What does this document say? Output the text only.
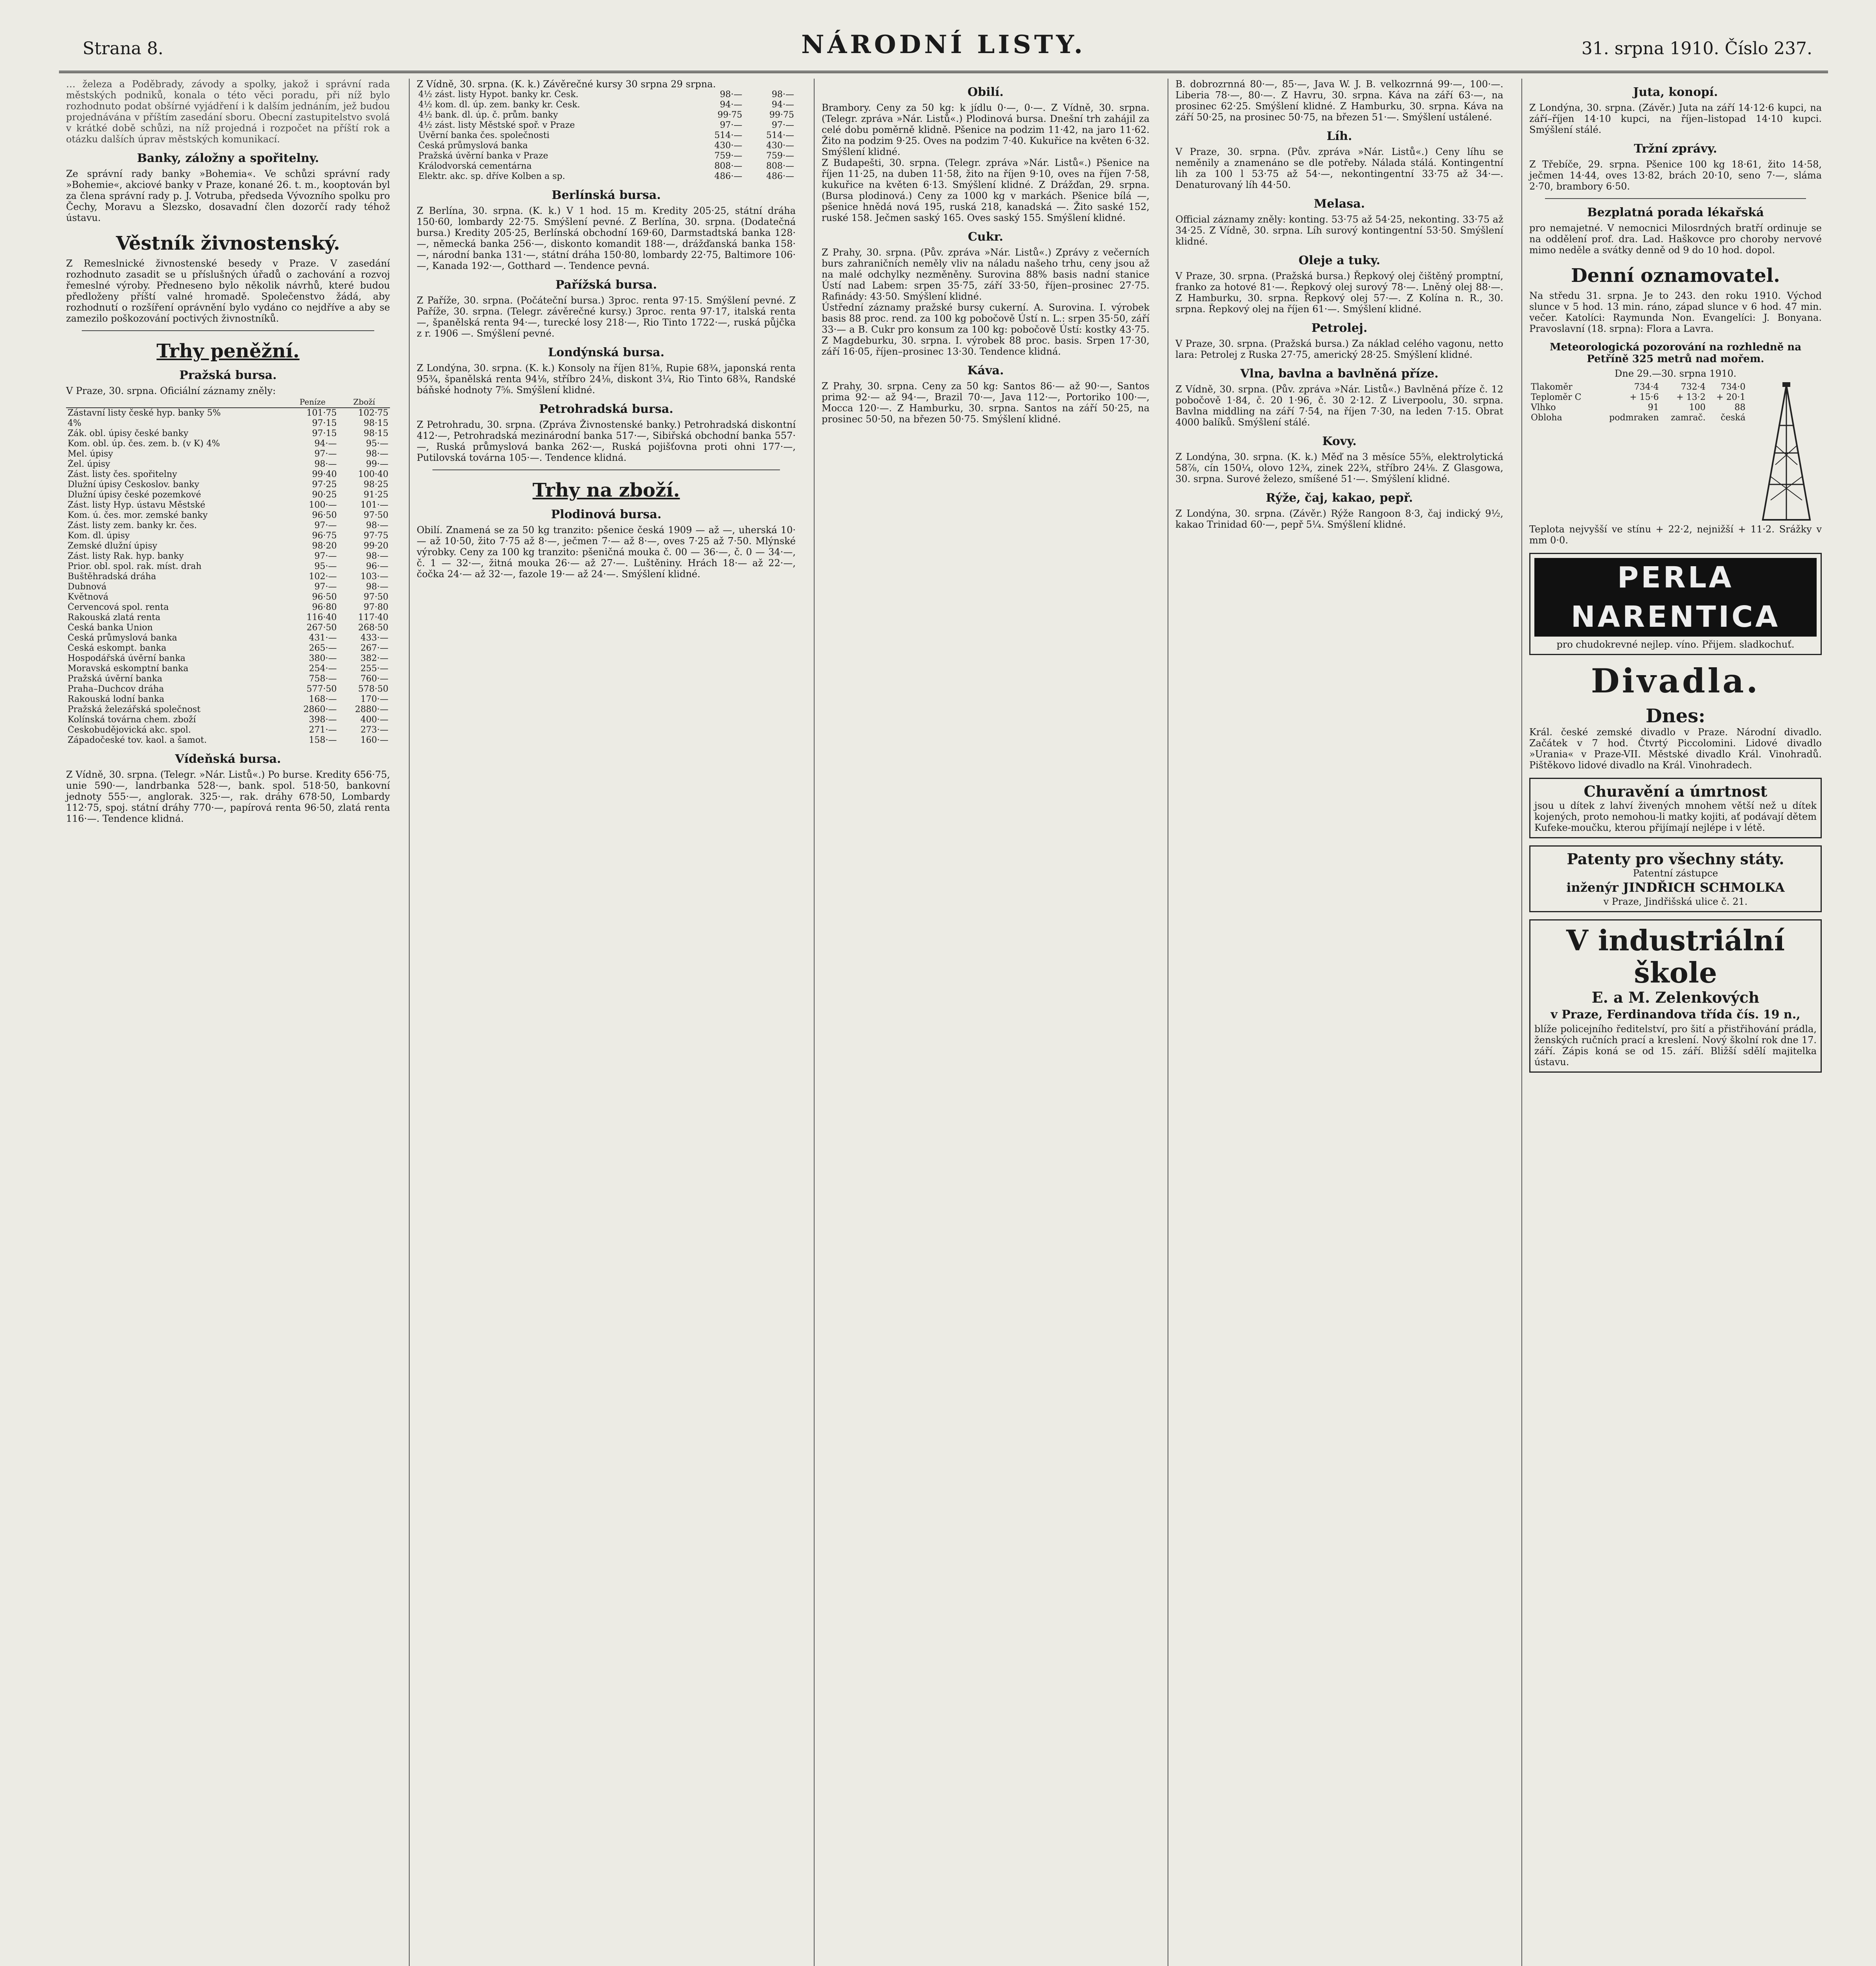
Strana 8.	NÁRODNÍ LISTY.	31. srpna 1910. Číslo 237.

… železa a Poděbrady, závody a spolky, jakož i správní rada městských podniků, konala o této věci poradu, při níž bylo rozhodnuto podat obšírné vyjádření i k dalším jednáním, jež budou projednávána v příštím zasedání sboru. Obecní zastupitelstvo svolá v krátké době schůzi, na níž projedná i rozpočet na příští rok a otázku dalších úprav městských komunikací.

Banky, záložny a spořitelny.

Ze správní rady banky »Bohemia«. Ve schůzi správní rady »Bohemie«, akciové banky v Praze, konané 26. t. m., kooptován byl za člena správní rady p. J. Votruba, předseda Vývozního spolku pro Čechy, Moravu a Slezsko, dosavadní člen dozorčí rady téhož ústavu.

Věstník živnostenský.

Z Remeslnické živnostenské besedy v Praze. V zasedání rozhodnuto zasadit se u příslušných úřadů o zachování a rozvoj řemeslné výroby. Předneseno bylo několik návrhů, které budou předloženy příští valné hromadě. Společenstvo žádá, aby rozhodnutí o rozšíření oprávnění bylo vydáno co nejdříve a aby se zamezilo poškozování poctivých živnostníků.

Trhy peněžní.
Pražská bursa.

V Praze, 30. srpna. Oficiální záznamy zněly:

	Peníze	Zboží
Zástavní listy české hyp. banky 5%	101·75	102·75
4%	97·15	98·15
Zák. obl. úpisy české banky	97·15	98·15
Kom. obl. úp. čes. zem. b. (v K) 4%	94·—	95·—
Mel. úpisy	97·—	98·—
Žel. úpisy	98·—	99·—
Zást. listy čes. spořitelny	99·40	100·40
Dlužní úpisy Českoslov. banky	97·25	98·25
Dlužní úpisy české pozemkové	90·25	91·25
Zást. listy Hyp. ústavu Městské	100·—	101·—
Kom. ú. čes. mor. zemské banky	96·50	97·50
Zást. listy zem. banky kr. čes.	97·—	98·—
Kom. dl. úpisy	96·75	97·75
Zemské dlužní úpisy	98·20	99·20
Zást. listy Rak. hyp. banky	97·—	98·—
Prior. obl. spol. rak. míst. drah	95·—	96·—
Buštěhradská dráha	102·—	103·—
Dubnová	97·—	98·—
Květnová	96·50	97·50
Červencová spol. renta	96·80	97·80
Rakouská zlatá renta	116·40	117·40
Česká banka Union	267·50	268·50
Česká průmyslová banka	431·—	433·—
Česká eskompt. banka	265·—	267·—
Hospodářská úvěrní banka	380·—	382·—
Moravská eskomptní banka	254·—	255·—
Pražská úvěrní banka	758·—	760·—
Praha–Duchcov dráha	577·50	578·50
Rakouská lodní banka	168·—	170·—
Pražská železářská společnost	2860·—	2880·—
Kolínská továrna chem. zboží	398·—	400·—
Českobudějovická akc. spol.	271·—	273·—
Západočeské tov. kaol. a šamot.	158·—	160·—
Vídeňská bursa.

Z Vídně, 30. srpna. (Telegr. »Nár. Listů«.) Po burse. Kredity 656·75, unie 590·—, landrbanka 528·—, bank. spol. 518·50, bankovní jednoty 555·—, anglorak. 325·—, rak. dráhy 678·50, Lombardy 112·75, spoj. státní dráhy 770·—, papírová renta 96·50, zlatá renta 116·—. Tendence klidná.

Z Vídně, 30. srpna. (K. k.) Závěrečné kursy 30 srpna 29 srpna.

4½ zást. listy Hypot. banky kr. Česk.	98·—	98·—
4½ kom. dl. úp. zem. banky kr. Česk.	94·—	94·—
4½ bank. dl. úp. č. prům. banky	99·75	99·75
4½ zást. listy Městské spoř. v Praze	97·—	97·—
Úvěrní banka čes. společnosti	514·—	514·—
Česká průmyslová banka	430·—	430·—
Pražská úvěrní banka v Praze	759·—	759·—
Králodvorská cementárna	808·—	808·—
Elektr. akc. sp. dříve Kolben a sp.	486·—	486·—
Berlínská bursa.

Z Berlína, 30. srpna. (K. k.) V 1 hod. 15 m. Kredity 205·25, státní dráha 150·60, lombardy 22·75. Smýšlení pevné. Z Berlína, 30. srpna. (Dodatečná bursa.) Kredity 205·25, Berlínská obchodní 169·60, Darmstadtská banka 128·—, německá banka 256·—, diskonto komandit 188·—, drážďanská banka 158·—, národní banka 131·—, státní dráha 150·80, lombardy 22·75, Baltimore 106·—, Kanada 192·—, Gotthard —. Tendence pevná.

Pařížská bursa.

Z Paříže, 30. srpna. (Počáteční bursa.) 3proc. renta 97·15. Smýšlení pevné. Z Paříže, 30. srpna. (Telegr. závěrečné kursy.) 3proc. renta 97·17, italská renta —, španělská renta 94·—, turecké losy 218·—, Rio Tinto 1722·—, ruská půjčka z r. 1906 —. Smýšlení pevné.

Londýnská bursa.

Z Londýna, 30. srpna. (K. k.) Konsoly na říjen 81⅝, Rupie 68¾, japonská renta 95¾, španělská renta 94⅛, stříbro 24⅛, diskont 3¼, Rio Tinto 68¾, Randské báňské hodnoty 7⅝. Smýšlení klidné.

Petrohradská bursa.

Z Petrohradu, 30. srpna. (Zpráva Živnostenské banky.) Petrohradská diskontní 412·—, Petrohradská mezinárodní banka 517·—, Sibiřská obchodní banka 557·—, Ruská průmyslová banka 262·—, Ruská pojišťovna proti ohni 177·—, Putilovská továrna 105·—. Tendence klidná.

Trhy na zboží.
Plodinová bursa.

Obilí. Znamená se za 50 kg tranzito: pšenice česká 1909 — až —, uherská 10·— až 10·50, žito 7·75 až 8·—, ječmen 7·— až 8·—, oves 7·25 až 7·50. Mlýnské výrobky. Ceny za 100 kg tranzito: pšeničná mouka č. 00 — 36·—, č. 0 — 34·—, č. 1 — 32·—, žitná mouka 26·— až 27·—. Luštěniny. Hrách 18·— až 22·—, čočka 24·— až 32·—, fazole 19·— až 24·—. Smýšlení klidné.

Obilí.

Brambory. Ceny za 50 kg: k jídlu 0·—, 0·—. Z Vídně, 30. srpna. (Telegr. zpráva »Nár. Listů«.) Plodinová bursa. Dnešní trh zahájil za celé dobu poměrně klidně. Pšenice na podzim 11·42, na jaro 11·62. Žito na podzim 9·25. Oves na podzim 7·40. Kukuřice na květen 6·32. Smýšlení klidné.

Z Budapešti, 30. srpna. (Telegr. zpráva »Nár. Listů«.) Pšenice na říjen 11·25, na duben 11·58, žito na říjen 9·10, oves na říjen 7·58, kukuřice na květen 6·13. Smýšlení klidné. Z Drážďan, 29. srpna. (Bursa plodinová.) Ceny za 1000 kg v markách. Pšenice bílá —, pšenice hnědá nová 195, ruská 218, kanadská —. Žito saské 152, ruské 158. Ječmen saský 165. Oves saský 155. Smýšlení klidné.

Cukr.

Z Prahy, 30. srpna. (Pův. zpráva »Nár. Listů«.) Zprávy z večerních burs zahraničních neměly vliv na náladu našeho trhu, ceny jsou až na malé odchylky nezměněny. Surovina 88% basis nadní stanice Ústí nad Labem: srpen 35·75, září 33·50, říjen–prosinec 27·75. Rafinády: 43·50. Smýšlení klidné.

Ústřední záznamy pražské bursy cukerní. A. Surovina. I. výrobek basis 88 proc. rend. za 100 kg pobočově Ústí n. L.: srpen 35·50, září 33·— a B. Cukr pro konsum za 100 kg: pobočově Ústí: kostky 43·75. Z Magdeburku, 30. srpna. I. výrobek 88 proc. basis. Srpen 17·30, září 16·05, říjen–prosinec 13·30. Tendence klidná.

Káva.

Z Prahy, 30. srpna. Ceny za 50 kg: Santos 86·— až 90·—, Santos prima 92·— až 94·—, Brazil 70·—, Java 112·—, Portoriko 100·—, Mocca 120·—. Z Hamburku, 30. srpna. Santos na září 50·25, na prosinec 50·50, na březen 50·75. Smýšlení klidné.

B. dobrozrnná 80·—, 85·—, Java W. J. B. velkozrnná 99·—, 100·—. Liberia 78·—, 80·—. Z Havru, 30. srpna. Káva na září 63·—, na prosinec 62·25. Smýšlení klidné. Z Hamburku, 30. srpna. Káva na září 50·25, na prosinec 50·75, na březen 51·—. Smýšlení ustálené.

Líh.

V Praze, 30. srpna. (Pův. zpráva »Nár. Listů«.) Ceny líhu se neměnily a znamenáno se dle potřeby. Nálada stálá. Kontingentní lih za 100 l 53·75 až 54·—, nekontingentní 33·75 až 34·—. Denaturovaný líh 44·50.

Melasa.

Official záznamy zněly: konting. 53·75 až 54·25, nekonting. 33·75 až 34·25. Z Vídně, 30. srpna. Líh surový kontingentní 53·50. Smýšlení klidné.

Oleje a tuky.

V Praze, 30. srpna. (Pražská bursa.) Řepkový olej čištěný promptní, franko za hotové 81·—. Řepkový olej surový 78·—. Lněný olej 88·—. Z Hamburku, 30. srpna. Řepkový olej 57·—. Z Kolína n. R., 30. srpna. Řepkový olej na říjen 61·—. Smýšlení klidné.

Petrolej.

V Praze, 30. srpna. (Pražská bursa.) Za náklad celého vagonu, netto lara: Petrolej z Ruska 27·75, americký 28·25. Smýšlení klidné.

Vlna, bavlna a bavlněná příze.

Z Vídně, 30. srpna. (Pův. zpráva »Nár. Listů«.) Bavlněná příze č. 12 pobočově 1·84, č. 20 1·96, č. 30 2·12. Z Liverpoolu, 30. srpna. Bavlna middling na září 7·54, na říjen 7·30, na leden 7·15. Obrat 4000 balíků. Smýšlení stálé.

Kovy.

Z Londýna, 30. srpna. (K. k.) Měď na 3 měsíce 55⅝, elektrolytická 58⅞, cín 150¼, olovo 12¾, zinek 22¾, stříbro 24⅛. Z Glasgowa, 30. srpna. Surové železo, smíšené 51·—. Smýšlení klidné.

Rýže, čaj, kakao, pepř.

Z Londýna, 30. srpna. (Závěr.) Rýže Rangoon 8·3, čaj indický 9½, kakao Trinidad 60·—, pepř 5¼. Smýšlení klidné.

Juta, konopí.

Z Londýna, 30. srpna. (Závěr.) Juta na září 14·12·6 kupci, na září–říjen 14·10 kupci, na říjen–listopad 14·10 kupci. Smýšlení stálé.

Tržní zprávy.

Z Třebíče, 29. srpna. Pšenice 100 kg 18·61, žito 14·58, ječmen 14·44, oves 13·82, brách 20·10, seno 7·—, sláma 2·70, brambory 6·50.

Bezplatná porada lékařská

pro nemajetné. V nemocnici Milosrdných bratří ordinuje se na oddělení prof. dra. Lad. Haškovce pro choroby nervové mimo neděle a svátky denně od 9 do 10 hod. dopol.

Denní oznamovatel.

Na středu 31. srpna. Je to 243. den roku 1910. Východ slunce v 5 hod. 13 min. ráno, západ slunce v 6 hod. 47 min. večer. Katolíci: Raymunda Non. Evangelíci: J. Bonyana. Pravoslavní (18. srpna): Flora a Lavra.

Meteorologická pozorování na rozhledně na Petříně 325 metrů nad mořem.

Dne 29.—30. srpna 1910.

Tlakoměr	734·4	732·4	734·0
Teploměr C	+ 15·6	+ 13·2	+ 20·1
Vlhko	91	100	88
Obloha	podmraken	zamrač.	česká

Teplota nejvyšší ve stínu + 22·2, nejnižší + 11·2. Srážky v mm 0·0.

PERLA NARENTICA

pro chudokrevné nejlep. víno. Přijem. sladkochuť.

Divadla.
Dnes:

Král. české zemské divadlo v Praze. Národní divadlo. Začátek v 7 hod. Čtvrtý Piccolomini. Lidové divadlo »Urania« v Praze-VII. Městské divadlo Král. Vinohradů. Pištěkovo lidové divadlo na Král. Vinohradech.

Churavění a úmrtnost

jsou u dítek z lahví živených mnohem větší než u dítek kojených, proto nemohou-li matky kojiti, ať podávají dětem Kufeke-moučku, kterou přijímají nejlépe i v létě.

Patenty pro všechny státy.

Patentní zástupce

inženýr JINDŘICH SCHMOLKA

v Praze, Jindřišská ulice č. 21.

V industriální škole
E. a M. Zelenkových
v Praze, Ferdinandova třída čís. 19 n.,

blíže policejního ředitelství, pro šití a přistřihování prádla, ženských ručních prací a kreslení. Nový školní rok dne 17. září. Zápis koná se od 15. září. Bližší sdělí majitelka ústavu.
